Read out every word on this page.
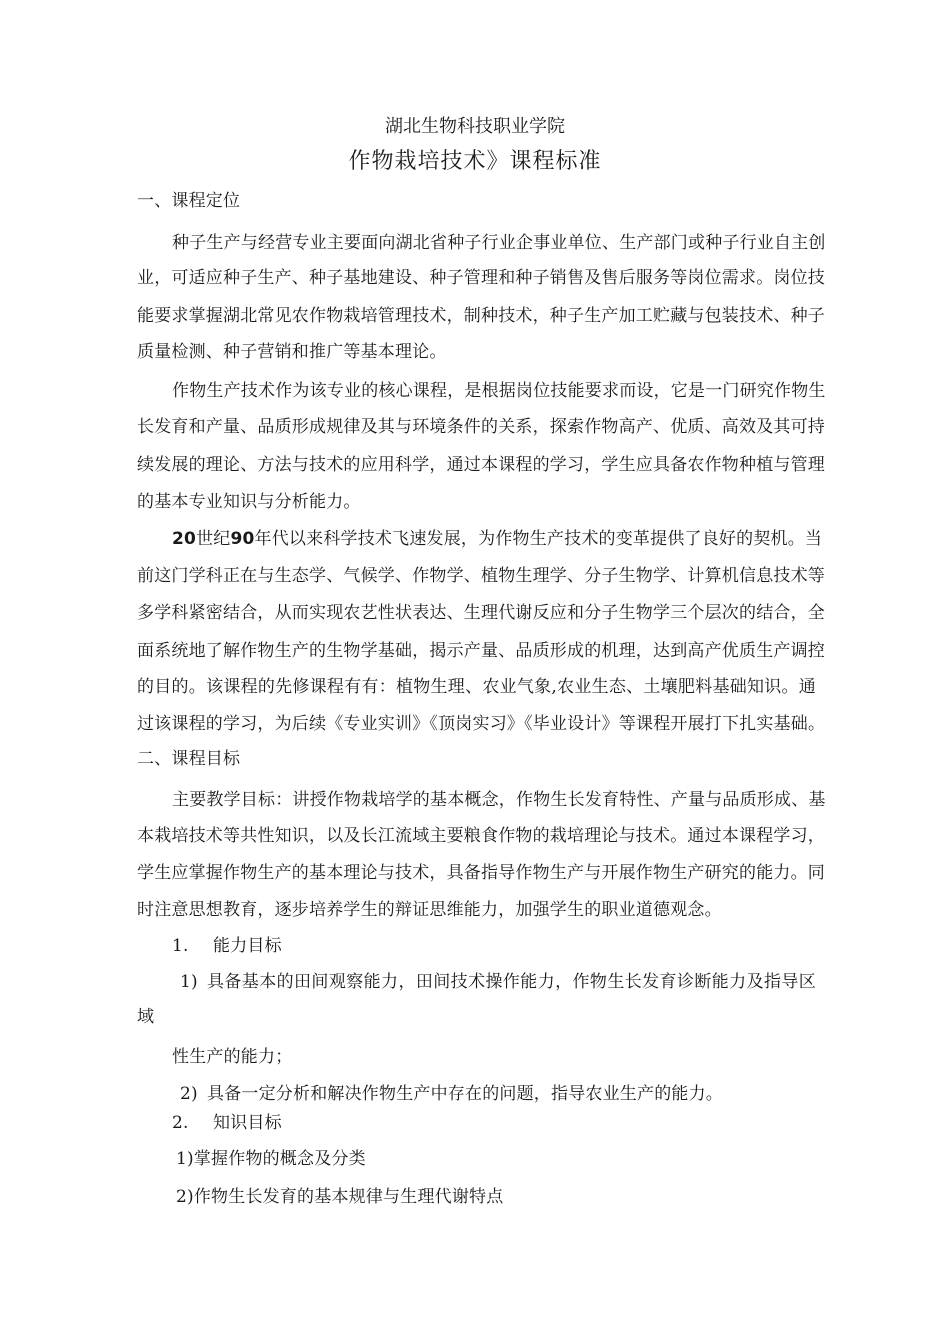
湖北生物科技职业学院
作物栽培技术》课程标准
一、课程定位
种子生产与经营专业主要面向湖北省种子行业企事业单位、生产部门或种子行业自主创
业，可适应种子生产、种子基地建设、种子管理和种子销售及售后服务等岗位需求。岗位技
能要求掌握湖北常见农作物栽培管理技术，制种技术，种子生产加工贮藏与包装技术、种子
质量检测、种子营销和推广等基本理论。
作物生产技术作为该专业的核心课程，是根据岗位技能要求而设，它是一门研究作物生
长发育和产量、品质形成规律及其与环境条件的关系，探索作物高产、优质、高效及其可持
续发展的理论、方法与技术的应用科学，通过本课程的学习，学生应具备农作物种植与管理
的基本专业知识与分析能力。
20世纪90年代以来科学技术飞速发展，为作物生产技术的变革提供了良好的契机。当
前这门学科正在与生态学、气候学、作物学、植物生理学、分子生物学、计算机信息技术等
多学科紧密结合，从而实现农艺性状表达、生理代谢反应和分子生物学三个层次的结合，全
面系统地了解作物生产的生物学基础，揭示产量、品质形成的机理，达到高产优质生产调控
的目的。该课程的先修课程有有：植物生理、农业气象,农业生态、土壤肥料基础知识。通
过该课程的学习，为后续《专业实训》《顶岗实习》《毕业设计》等课程开展打下扎实基础。
二、课程目标
主要教学目标：讲授作物栽培学的基本概念，作物生长发育特性、产量与品质形成、基
本栽培技术等共性知识，以及长江流域主要粮食作物的栽培理论与技术。通过本课程学习，
学生应掌握作物生产的基本理论与技术，具备指导作物生产与开展作物生产研究的能力。同
时注意思想教育，逐步培养学生的辩证思维能力，加强学生的职业道德观念。
1. 能力目标
1) 具备基本的田间观察能力，田间技术操作能力，作物生长发育诊断能力及指导区
域
性生产的能力；
2) 具备一定分析和解决作物生产中存在的问题，指导农业生产的能力。
2. 知识目标
1)掌握作物的概念及分类
2)作物生长发育的基本规律与生理代谢特点
